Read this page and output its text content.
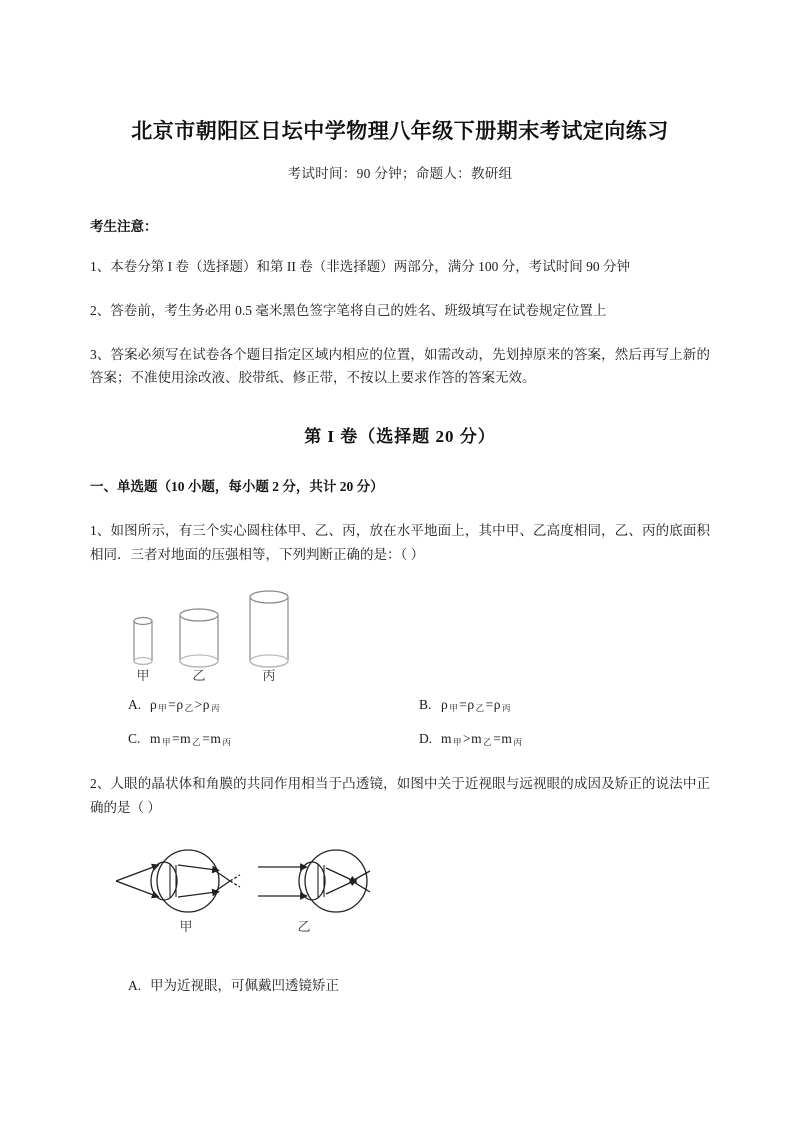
北京市朝阳区日坛中学物理八年级下册期末考试定向练习

考试时间：90 分钟；命题人：教研组

考生注意：

1、本卷分第 I 卷（选择题）和第 II 卷（非选择题）两部分，满分 100 分，考试时间 90 分钟

2、答卷前，考生务必用 0.5 毫米黑色签字笔将自己的姓名、班级填写在试卷规定位置上

3、答案必须写在试卷各个题目指定区域内相应的位置，如需改动，先划掉原来的答案，然后再写上新的答案；不准使用涂改液、胶带纸、修正带，不按以上要求作答的答案无效。

第 I 卷（选择题 20 分）

一、单选题（10 小题，每小题 2 分，共计 20 分）

1、如图所示，有三个实心圆柱体甲、乙、丙，放在水平地面上，其中甲、乙高度相同，乙、丙的底面积相同．三者对地面的压强相等，下列判断正确的是：（ ）

甲	乙	丙
A. $\rho_甲=\rho_乙>\rho_丙$	B. $\rho_甲=\rho_乙=\rho_丙$
C. $m_甲=m_乙=m_丙$	D. $m_甲>m_乙=m_丙$

2、人眼的晶状体和角膜的共同作用相当于凸透镜，如图中关于近视眼与远视眼的成因及矫正的说法中正确的是（ ）

甲	乙
A. 甲为近视眼，可佩戴凹透镜矫正
